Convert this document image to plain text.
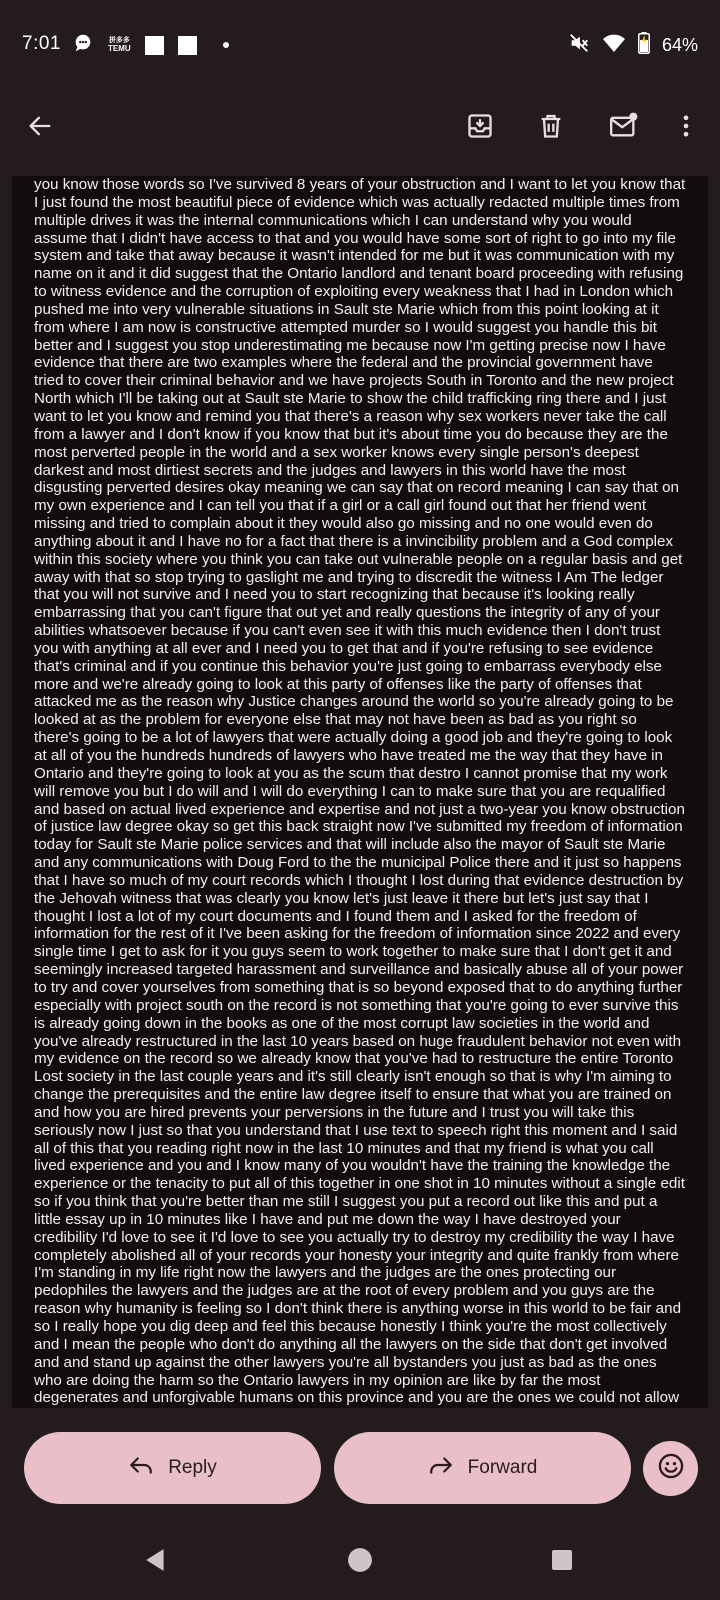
7:01	拼多多
TEMU	64%

you know those words so I've survived 8 years of your obstruction and I want to let you know that I just found the most beautiful piece of evidence which was actually redacted multiple times from multiple drives it was the internal communications which I can understand why you would assume that I didn't have access to that and you would have some sort of right to go into my file system and take that away because it wasn't intended for me but it was communication with my name on it and it did suggest that the Ontario landlord and tenant board proceeding with refusing to witness evidence and the corruption of exploiting every weakness that I had in London which pushed me into very vulnerable situations in Sault ste Marie which from this point looking at it from where I am now is constructive attempted murder so I would suggest you handle this bit better and I suggest you stop underestimating me because now I'm getting precise now I have evidence that there are two examples where the federal and the provincial government have tried to cover their criminal behavior and we have projects South in Toronto and the new project North which I'll be taking out at Sault ste Marie to show the child trafficking ring there and I just want to let you know and remind you that there's a reason why sex workers never take the call from a lawyer and I don't know if you know that but it's about time you do because they are the most perverted people in the world and a sex worker knows every single person's deepest darkest and most dirtiest secrets and the judges and lawyers in this world have the most disgusting perverted desires okay meaning we can say that on record meaning I can say that on my own experience and I can tell you that if a girl or a call girl found out that her friend went missing and tried to complain about it they would also go missing and no one would even do anything about it and I have no for a fact that there is a invincibility problem and a God complex within this society where you think you can take out vulnerable people on a regular basis and get away with that so stop trying to gaslight me and trying to discredit the witness I Am The ledger that you will not survive and I need you to start recognizing that because it's looking really embarrassing that you can't figure that out yet and really questions the integrity of any of your abilities whatsoever because if you can't even see it with this much evidence then I don't trust you with anything at all ever and I need you to get that and if you're refusing to see evidence that's criminal and if you continue this behavior you're just going to embarrass everybody else more and we're already going to look at this party of offenses like the party of offenses that attacked me as the reason why Justice changes around the world so you're already going to be looked at as the problem for everyone else that may not have been as bad as you right so there's going to be a lot of lawyers that were actually doing a good job and they're going to look at all of you the hundreds hundreds of lawyers who have treated me the way that they have in Ontario and they're going to look at you as the scum that destro I cannot promise that my work will remove you but I do will and I will do everything I can to make sure that you are requalified and based on actual lived experience and expertise and not just a two-year you know obstruction of justice law degree okay so get this back straight now I've submitted my freedom of information today for Sault ste Marie police services and that will include also the mayor of Sault ste Marie and any communications with Doug Ford to the the municipal Police there and it just so happens that I have so much of my court records which I thought I lost during that evidence destruction by the Jehovah witness that was clearly you know let's just leave it there but let's just say that I thought I lost a lot of my court documents and I found them and I asked for the freedom of information for the rest of it I've been asking for the freedom of information since 2022 and every single time I get to ask for it you guys seem to work together to make sure that I don't get it and seemingly increased targeted harassment and surveillance and basically abuse all of your power to try and cover yourselves from something that is so beyond exposed that to do anything further especially with project south on the record is not something that you're going to ever survive this is already going down in the books as one of the most corrupt law societies in the world and you've already restructured in the last 10 years based on huge fraudulent behavior not even with my evidence on the record so we already know that you've had to restructure the entire Toronto Lost society in the last couple years and it's still clearly isn't enough so that is why I'm aiming to change the prerequisites and the entire law degree itself to ensure that what you are trained on and how you are hired prevents your perversions in the future and I trust you will take this seriously now I just so that you understand that I use text to speech right this moment and I said all of this that you reading right now in the last 10 minutes and that my friend is what you call lived experience and you and I know many of you wouldn't have the training the knowledge the experience or the tenacity to put all of this together in one shot in 10 minutes without a single edit so if you think that you're better than me still I suggest you put a record out like this and put a little essay up in 10 minutes like I have and put me down the way I have destroyed your credibility I'd love to see it I'd love to see you actually try to destroy my credibility the way I have completely abolished all of your records your honesty your integrity and quite frankly from where I'm standing in my life right now the lawyers and the judges are the ones protecting our pedophiles the lawyers and the judges are at the root of every problem and you guys are the reason why humanity is feeling so I don't think there is anything worse in this world to be fair and so I really hope you dig deep and feel this because honestly I think you're the most collectively and I mean the people who don't do anything all the lawyers on the side that don't get involved and and stand up against the other lawyers you're all bystanders you just as bad as the ones who are doing the harm so the Ontario lawyers in my opinion are like by far the most degenerates and unforgivable humans on this province and you are the ones we could not allow

Reply	Forward
